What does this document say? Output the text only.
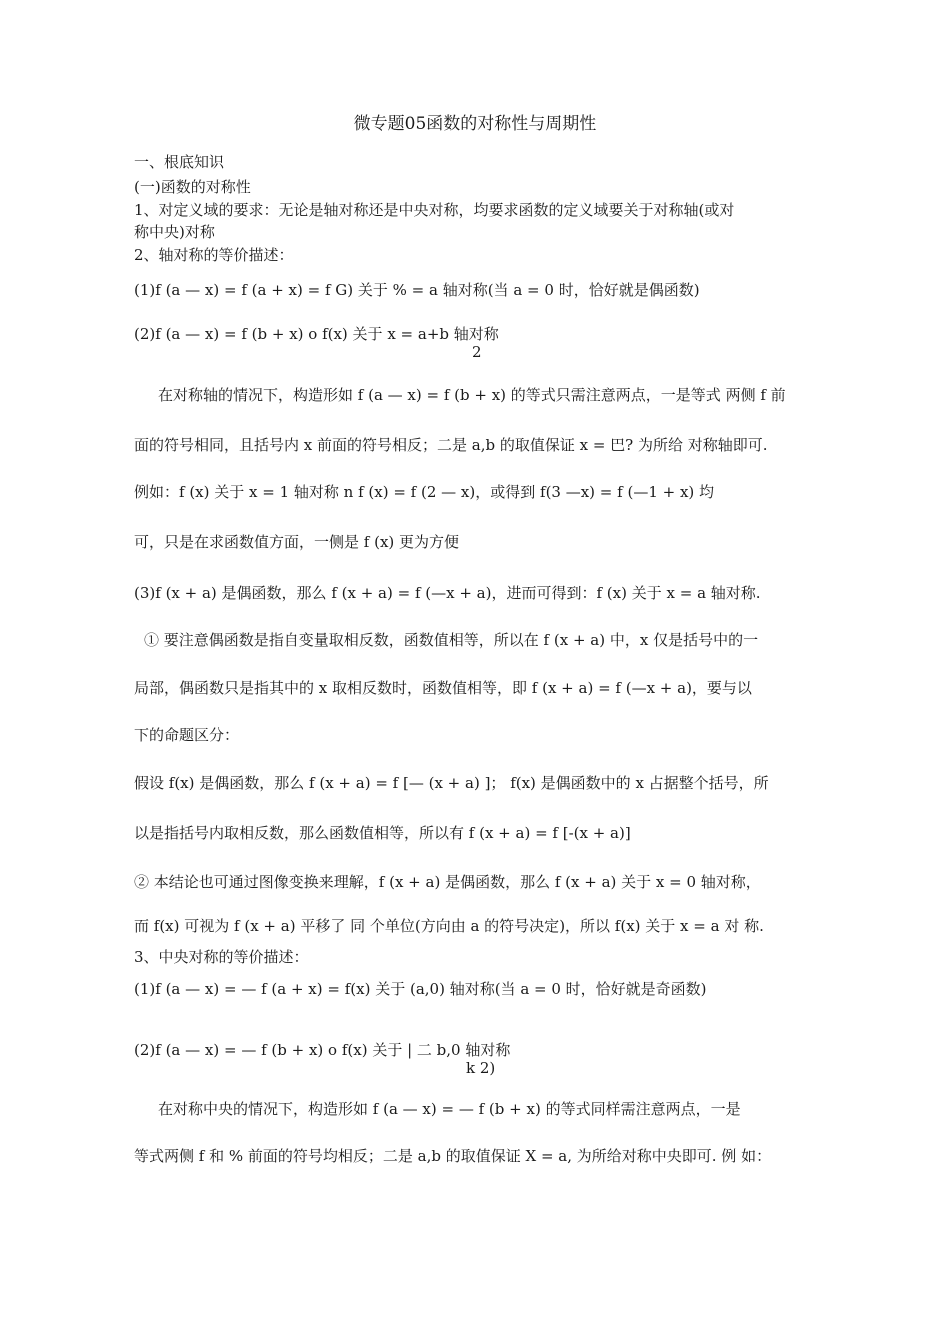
微专题05函数的对称性与周期性
一、根底知识
(一)函数的对称性
1、对定义域的要求：无论是轴对称还是中央对称，均要求函数的定义域要关于对称轴(或对
称中央)对称
2、轴对称的等价描述：
(1)f (a — x) = f (a + x) = f G) 关于 % = a 轴对称(当 a = 0 时，恰好就是偶函数)
(2)f (a — x) = f (b + x) o f(x) 关于 x = a+b 轴对称
2
在对称轴的情况下，构造形如 f (a — x) = f (b + x) 的等式只需注意两点，一是等式 两侧 f 前
面的符号相同，且括号内 x 前面的符号相反；二是 a,b 的取值保证 x = 巴? 为所给 对称轴即可.
例如：f (x) 关于 x = 1 轴对称 n f (x) = f (2 — x)，或得到 f(3 —x) = f (—1 + x) 均
可，只是在求函数值方面，一侧是 f (x) 更为方便
(3)f (x + a) 是偶函数，那么 f (x + a) = f (—x + a)，进而可得到：f (x) 关于 x = a 轴对称.
① 要注意偶函数是指自变量取相反数，函数值相等，所以在 f (x + a) 中，x 仅是括号中的一
局部，偶函数只是指其中的 x 取相反数时，函数值相等，即 f (x + a) = f (—x + a)，要与以
下的命题区分：
假设 f(x) 是偶函数，那么 f (x + a) = f [— (x + a) ]； f(x) 是偶函数中的 x 占据整个括号，所
以是指括号内取相反数，那么函数值相等，所以有 f (x + a) = f [-(x + a)]
② 本结论也可通过图像变换来理解，f (x + a) 是偶函数，那么 f (x + a) 关于 x = 0 轴对称，
而 f(x) 可视为 f (x + a) 平移了 同 个单位(方向由 a 的符号决定)，所以 f(x) 关于 x = a 对 称.
3、中央对称的等价描述：
(1)f (a — x) = — f (a + x) = f(x) 关于 (a,0) 轴对称(当 a = 0 时，恰好就是奇函数)
(2)f (a — x) = — f (b + x) o f(x) 关于 | 二 b,0 轴对称
k 2)
在对称中央的情况下，构造形如 f (a — x) = — f (b + x) 的等式同样需注意两点，一是
等式两侧 f 和 % 前面的符号均相反；二是 a,b 的取值保证 X = a, 为所给对称中央即可. 例 如：
